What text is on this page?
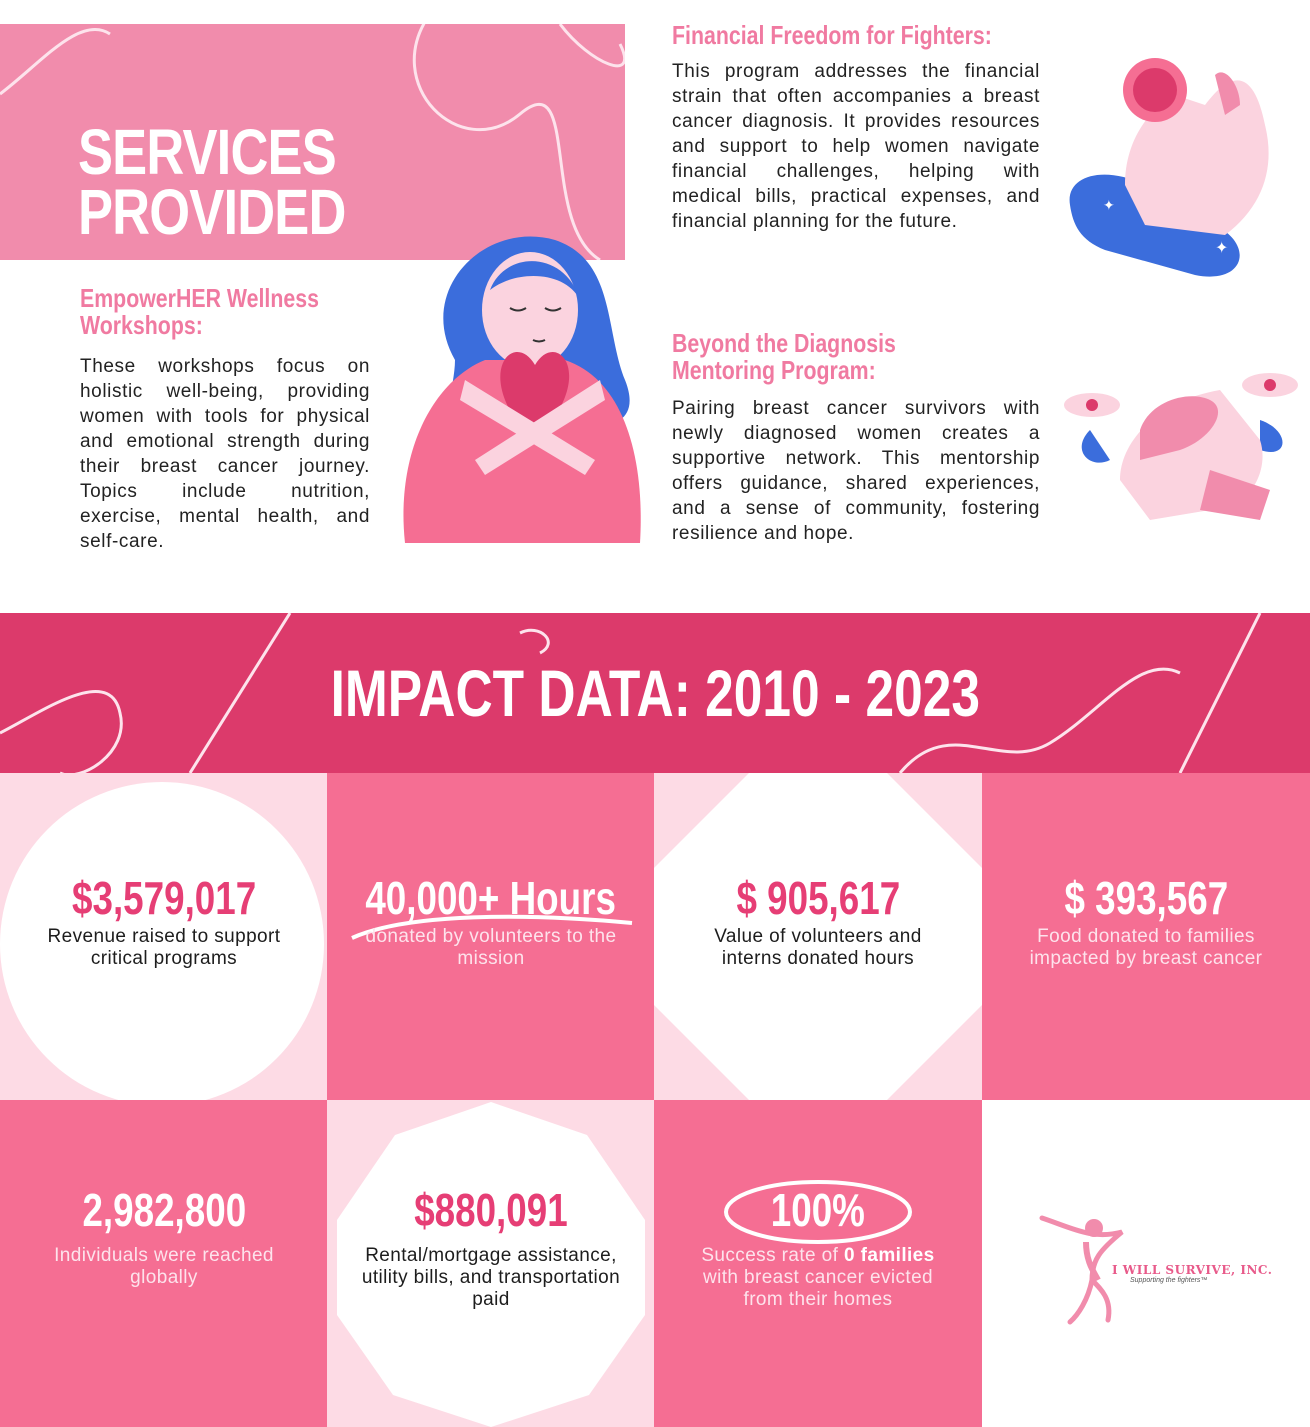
SERVICES
PROVIDED
EmpowerHER Wellness
Workshops:

These workshops focus on holistic well-being, providing women with tools for physical and emotional strength during their breast cancer journey. Topics include nutrition, exercise, mental health, and self-care.

Financial Freedom for Fighters:

This program addresses the financial strain that often accompanies a breast cancer diagnosis. It provides resources and support to help women navigate financial challenges, helping with medical bills, practical expenses, and financial planning for the future.

✦
✦
Beyond the Diagnosis
Mentoring Program:

Pairing breast cancer survivors with newly diagnosed women creates a supportive network. This mentorship offers guidance, shared experiences, and a sense of community, fostering resilience and hope.

IMPACT DATA: 2010 - 2023

$3,579,017

Revenue raised to support critical programs

40,000+ Hours

donated by volunteers to the mission

$ 905,617

Value of volunteers and interns donated hours

$ 393,567

Food donated to families impacted by breast cancer

2,982,800

Individuals were reached globally

$880,091

Rental/mortgage assistance, utility bills, and transportation paid

100%

Success rate of 0 families with breast cancer evicted from their homes

I WILL SURVIVE, INC.
Supporting the fighters™
